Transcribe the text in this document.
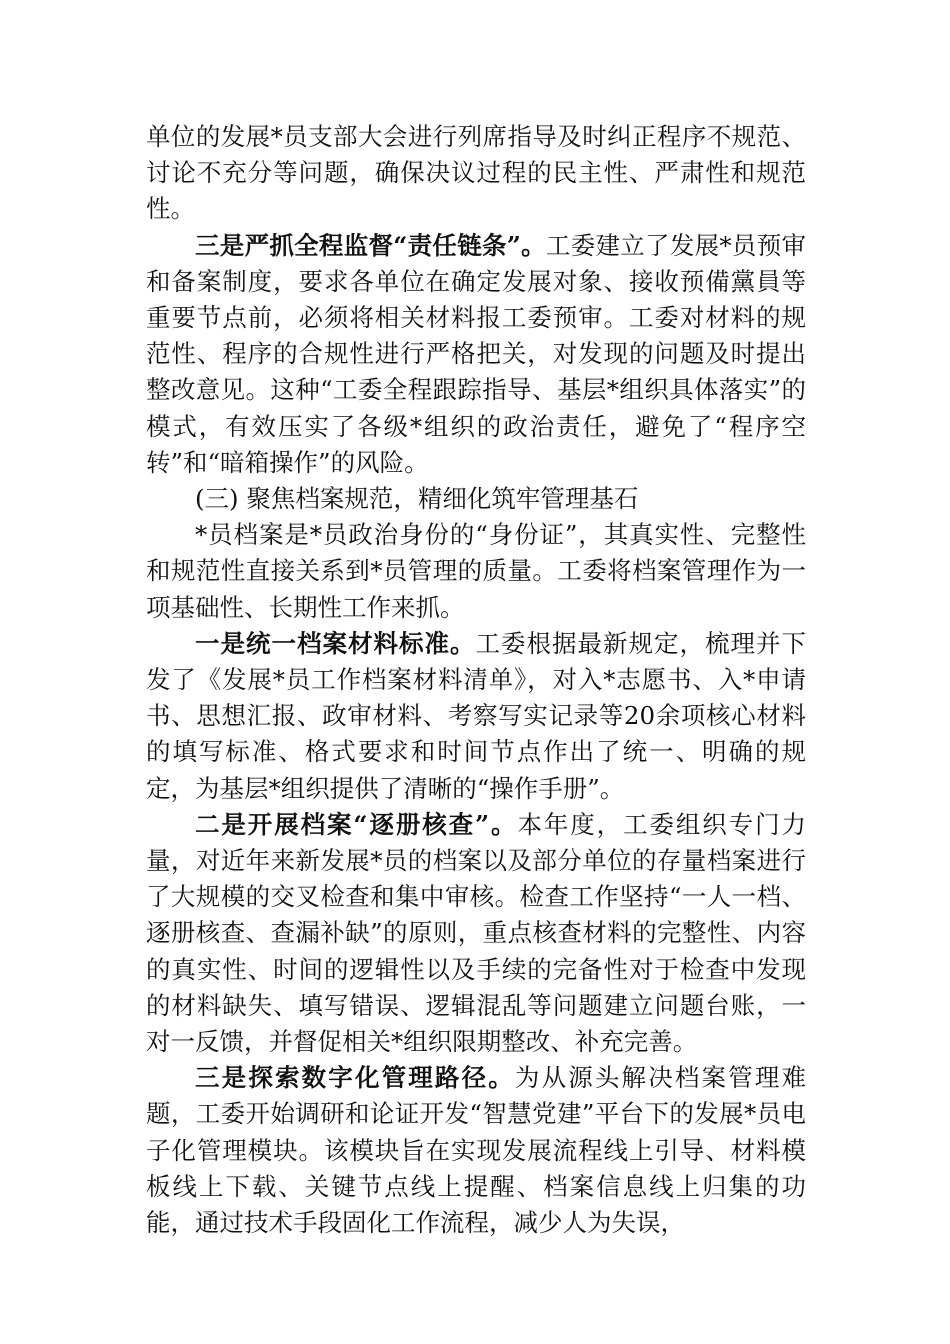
单位的发展*员支部大会进行列席指导及时纠正程序不规范、讨论不充分等问题，确保决议过程的民主性、严肃性和规范性。

三是严抓全程监督“责任链条”。工委建立了发展*员预审和备案制度，要求各单位在确定发展对象、接收预備黨員等重要节点前，必须将相关材料报工委预审。工委对材料的规范性、程序的合规性进行严格把关，对发现的问题及时提出整改意见。这种“工委全程跟踪指导、基层*组织具体落实”的模式，有效压实了各级*组织的政治责任，避免了“程序空转”和“暗箱操作”的风险。

(三) 聚焦档案规范，精细化筑牢管理基石

*员档案是*员政治身份的“身份证”，其真实性、完整性和规范性直接关系到*员管理的质量。工委将档案管理作为一项基础性、长期性工作来抓。

一是统一档案材料标准。工委根据最新规定，梳理并下发了《发展*员工作档案材料清单》，对入*志愿书、入*申请书、思想汇报、政审材料、考察写实记录等20余项核心材料的填写标准、格式要求和时间节点作出了统一、明确的规定，为基层*组织提供了清晰的“操作手册”。

二是开展档案“逐册核查”。本年度，工委组织专门力量，对近年来新发展*员的档案以及部分单位的存量档案进行了大规模的交叉检查和集中审核。检查工作坚持“一人一档、逐册核查、查漏补缺”的原则，重点核查材料的完整性、内容的真实性、时间的逻辑性以及手续的完备性对于检查中发现的材料缺失、填写错误、逻辑混乱等问题建立问题台账，一对一反馈，并督促相关*组织限期整改、补充完善。

三是探索数字化管理路径。为从源头解决档案管理难题，工委开始调研和论证开发“智慧党建”平台下的发展*员电子化管理模块。该模块旨在实现发展流程线上引导、材料模板线上下载、关键节点线上提醒、档案信息线上归集的功能，通过技术手段固化工作流程，减少人为失误，
